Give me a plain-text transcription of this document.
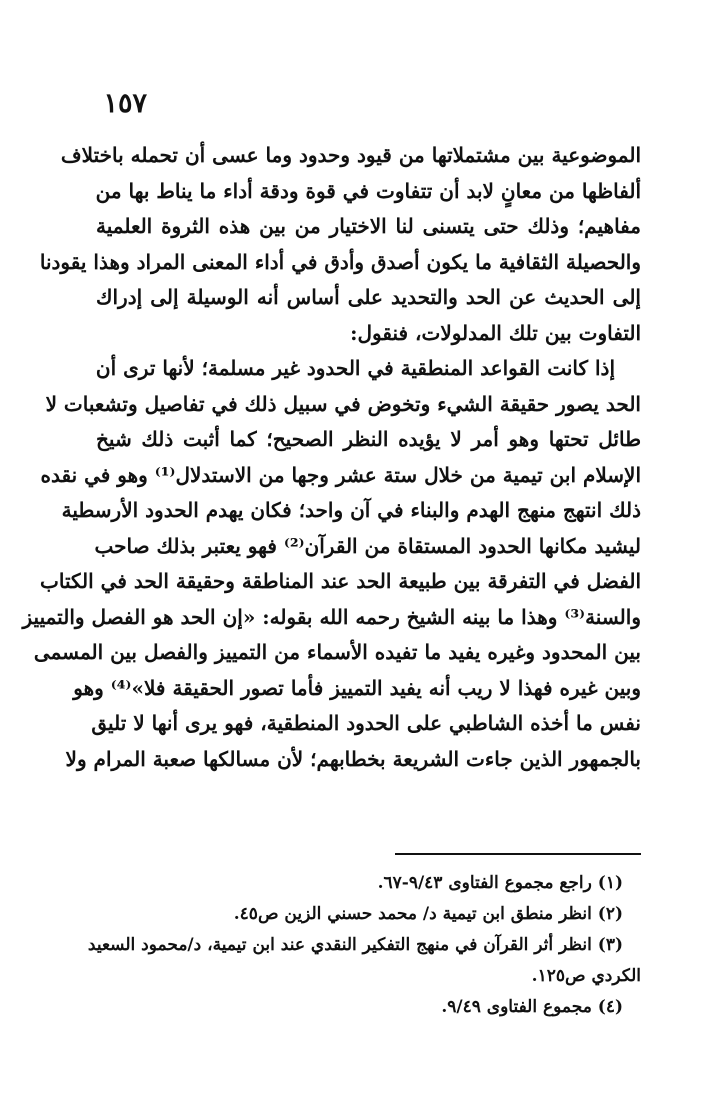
١٥٧
الموضوعية بين مشتملاتها من قيود وحدود وما عسى أن تحمله باختلاف
ألفاظها من معانٍ لابد أن تتفاوت في قوة ودقة أداء ما يناط بها من
مفاهيم؛ وذلك حتى يتسنى لنا الاختيار من بين هذه الثروة العلمية
والحصيلة الثقافية ما يكون أصدق وأدق في أداء المعنى المراد وهذا يقودنا
إلى الحديث عن الحد والتحديد على أساس أنه الوسيلة إلى إدراك
التفاوت بين تلك المدلولات، فنقول:
إذا كانت القواعد المنطقية في الحدود غير مسلمة؛ لأنها ترى أن
الحد يصور حقيقة الشيء وتخوض في سبيل ذلك في تفاصيل وتشعبات لا
طائل تحتها وهو أمر لا يؤيده النظر الصحيح؛ كما أثبت ذلك شيخ
الإسلام ابن تيمية من خلال ستة عشر وجها من الاستدلال⁽¹⁾ وهو في نقده
ذلك انتهج منهج الهدم والبناء في آن واحد؛ فكان يهدم الحدود الأرسطية
ليشيد مكانها الحدود المستقاة من القرآن⁽²⁾ فهو يعتبر بذلك صاحب
الفضل في التفرقة بين طبيعة الحد عند المناطقة وحقيقة الحد في الكتاب
والسنة⁽³⁾ وهذا ما بينه الشيخ رحمه الله بقوله: «إن الحد هو الفصل والتمييز
بين المحدود وغيره يفيد ما تفيده الأسماء من التمييز والفصل بين المسمى
وبين غيره فهذا لا ريب أنه يفيد التمييز فأما تصور الحقيقة فلا»⁽⁴⁾ وهو
نفس ما أخذه الشاطبي على الحدود المنطقية، فهو يرى أنها لا تليق
بالجمهور الذين جاءت الشريعة بخطابهم؛ لأن مسالكها صعبة المرام ولا
(١) راجع مجموع الفتاوى ٩/٤٣-٦٧.
(٢) انظر منطق ابن تيمية د/ محمد حسني الزين ص٤٥.
(٣) انظر أثر القرآن في منهج التفكير النقدي عند ابن تيمية، د/محمود السعيد
الكردي ص١٢٥.
(٤) مجموع الفتاوى ٩/٤٩.
